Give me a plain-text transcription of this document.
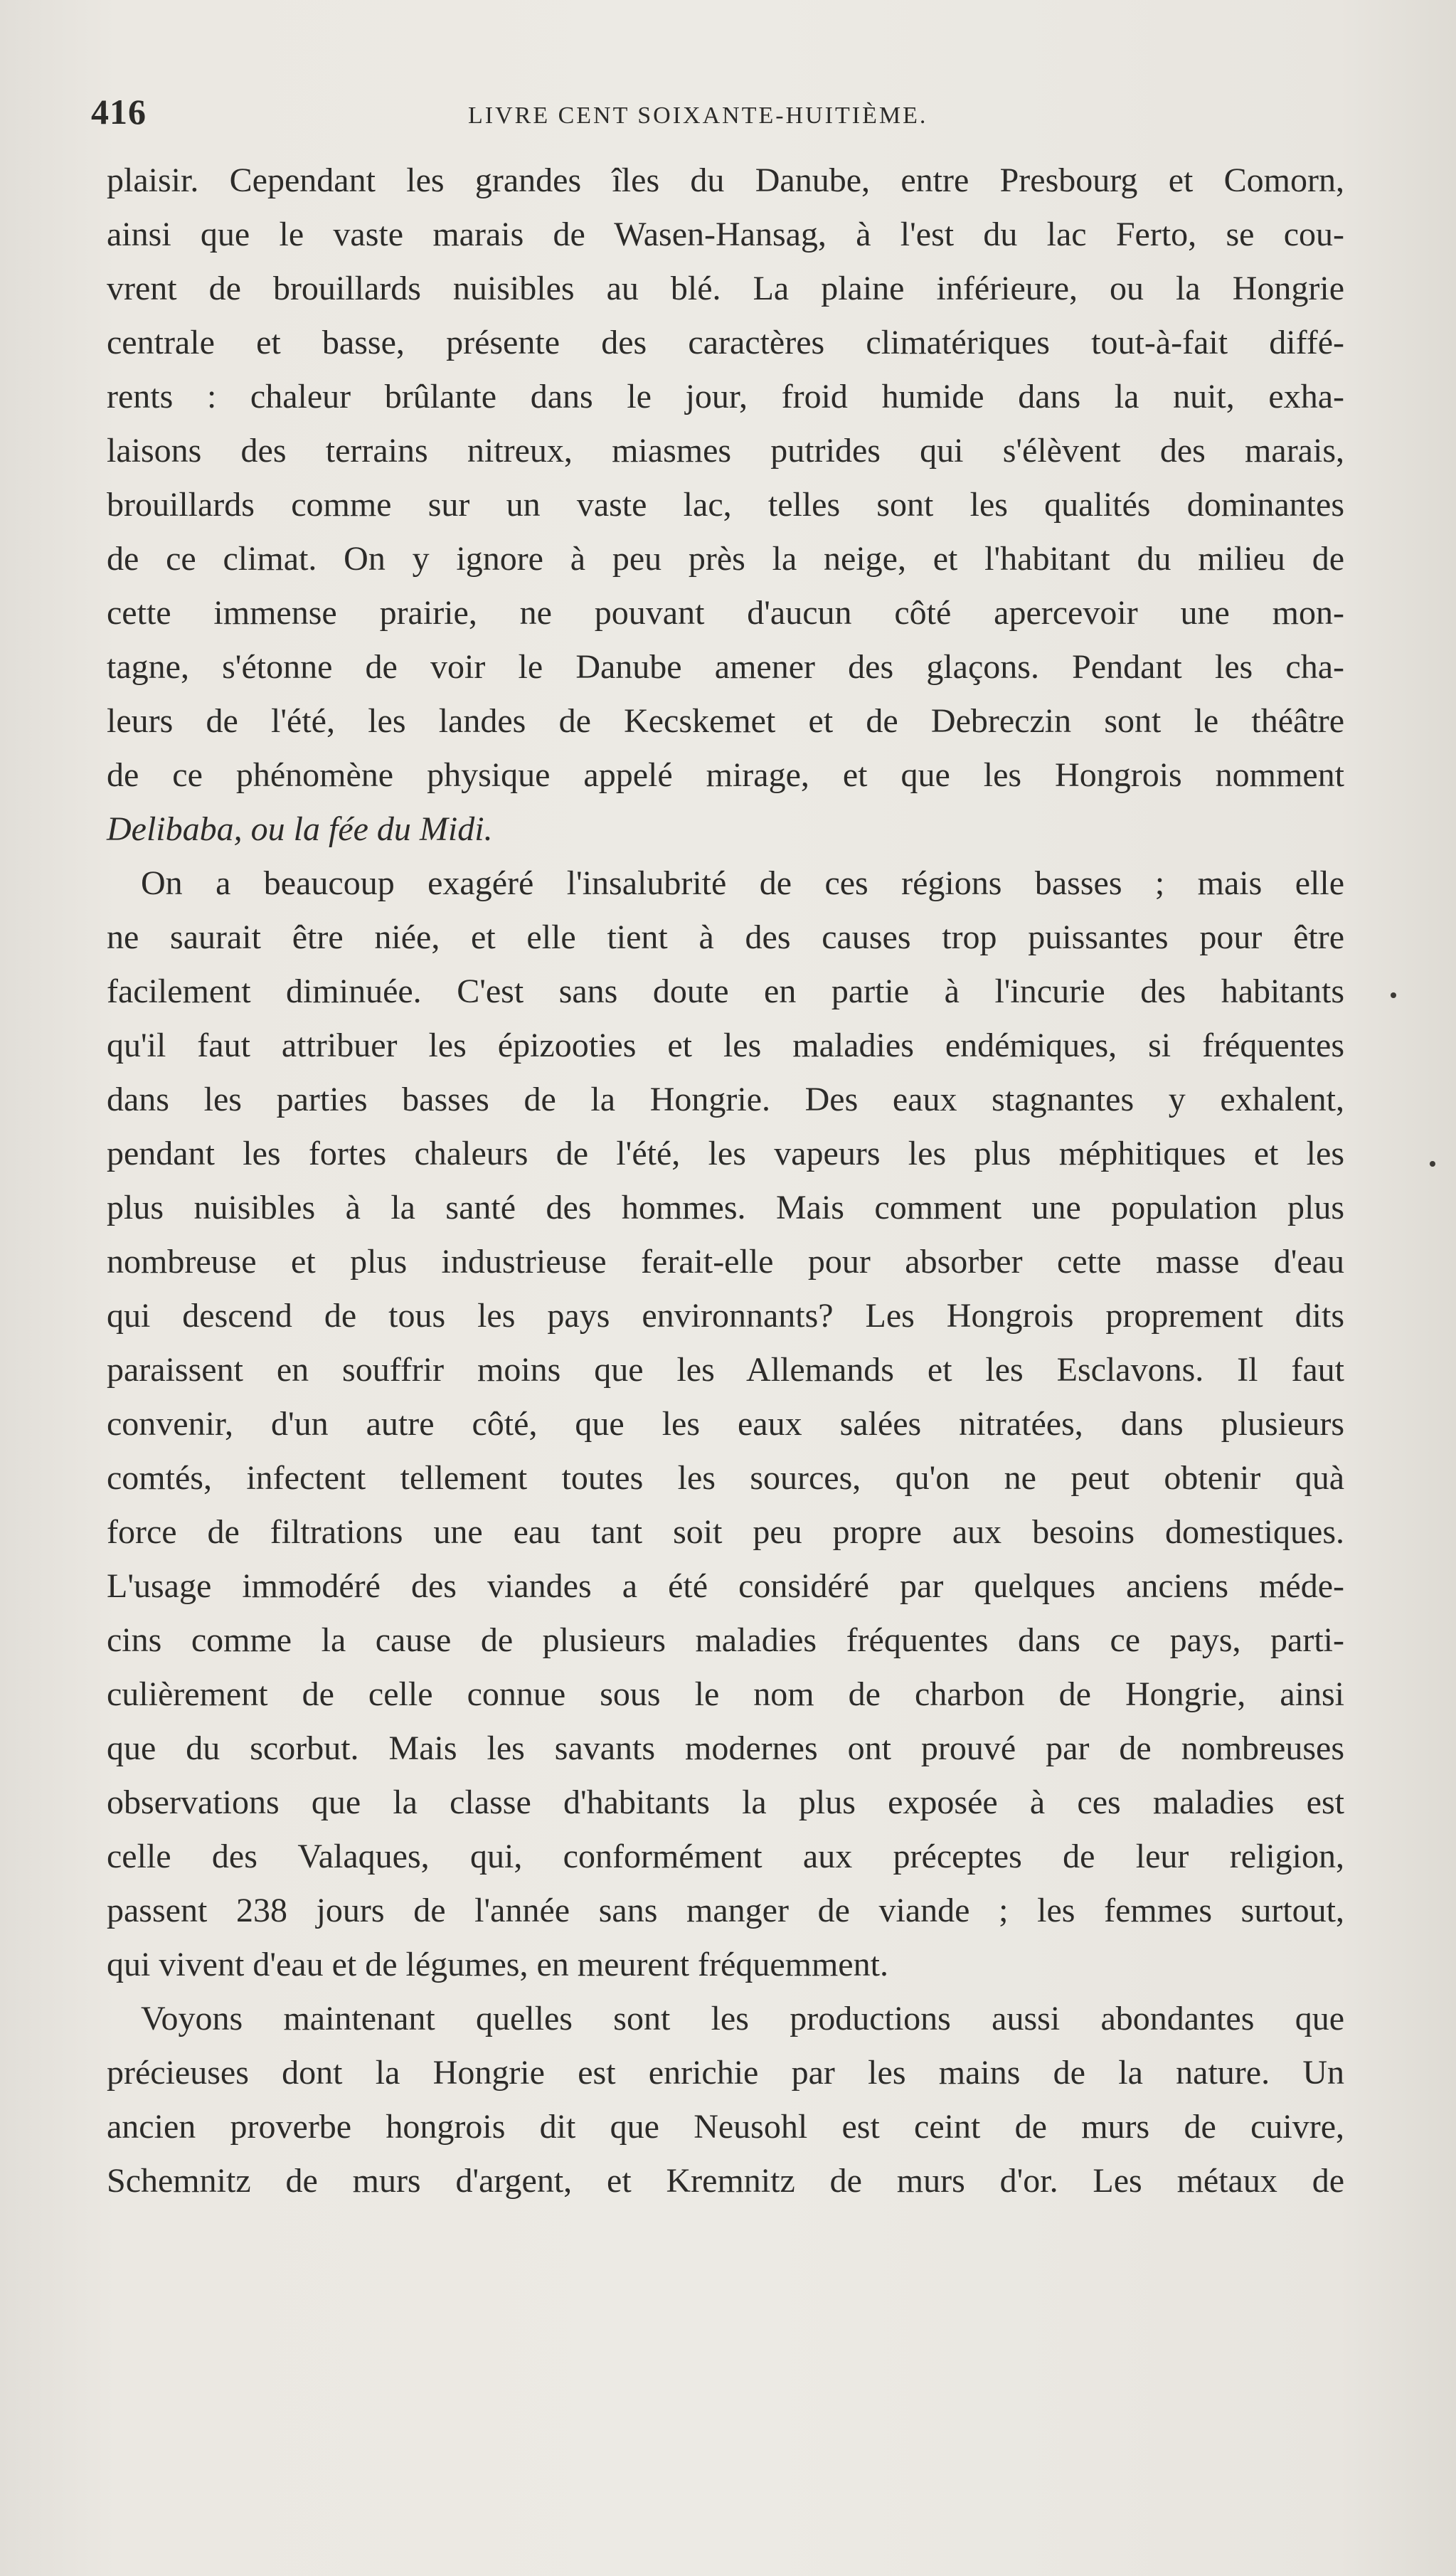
416	LIVRE CENT SOIXANTE-HUITIÈME.
plaisir. Cependant les grandes îles du Danube, entre Presbourg et Comorn,
ainsi que le vaste marais de Wasen-Hansag, à l'est du lac Ferto, se cou-
vrent de brouillards nuisibles au blé. La plaine inférieure, ou la Hongrie
centrale et basse, présente des caractères climatériques tout-à-fait diffé-
rents : chaleur brûlante dans le jour, froid humide dans la nuit, exha-
laisons des terrains nitreux, miasmes putrides qui s'élèvent des marais,
brouillards comme sur un vaste lac, telles sont les qualités dominantes
de ce climat. On y ignore à peu près la neige, et l'habitant du milieu de
cette immense prairie, ne pouvant d'aucun côté apercevoir une mon-
tagne, s'étonne de voir le Danube amener des glaçons. Pendant les cha-
leurs de l'été, les landes de Kecskemet et de Debreczin sont le théâtre
de ce phénomène physique appelé mirage, et que les Hongrois nomment
Delibaba, ou la fée du Midi.
On a beaucoup exagéré l'insalubrité de ces régions basses ; mais elle
ne saurait être niée, et elle tient à des causes trop puissantes pour être
facilement diminuée. C'est sans doute en partie à l'incurie des habitants
qu'il faut attribuer les épizooties et les maladies endémiques, si fréquentes
dans les parties basses de la Hongrie. Des eaux stagnantes y exhalent,
pendant les fortes chaleurs de l'été, les vapeurs les plus méphitiques et les
plus nuisibles à la santé des hommes. Mais comment une population plus
nombreuse et plus industrieuse ferait-elle pour absorber cette masse d'eau
qui descend de tous les pays environnants? Les Hongrois proprement dits
paraissent en souffrir moins que les Allemands et les Esclavons. Il faut
convenir, d'un autre côté, que les eaux salées nitratées, dans plusieurs
comtés, infectent tellement toutes les sources, qu'on ne peut obtenir quà
force de filtrations une eau tant soit peu propre aux besoins domestiques.
L'usage immodéré des viandes a été considéré par quelques anciens méde-
cins comme la cause de plusieurs maladies fréquentes dans ce pays, parti-
culièrement de celle connue sous le nom de charbon de Hongrie, ainsi
que du scorbut. Mais les savants modernes ont prouvé par de nombreuses
observations que la classe d'habitants la plus exposée à ces maladies est
celle des Valaques, qui, conformément aux préceptes de leur religion,
passent 238 jours de l'année sans manger de viande ; les femmes surtout,
qui vivent d'eau et de légumes, en meurent fréquemment.
Voyons maintenant quelles sont les productions aussi abondantes que
précieuses dont la Hongrie est enrichie par les mains de la nature. Un
ancien proverbe hongrois dit que Neusohl est ceint de murs de cuivre,
Schemnitz de murs d'argent, et Kremnitz de murs d'or. Les métaux de
